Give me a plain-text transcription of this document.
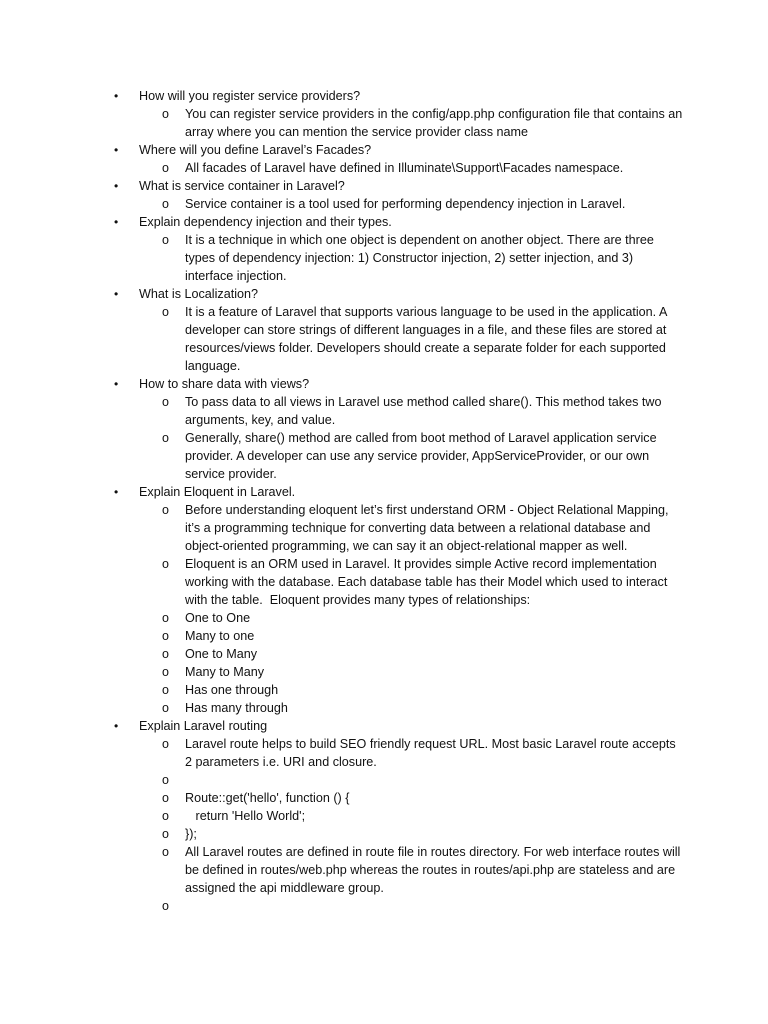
•	How will you register service providers?
o	You can register service providers in the config/app.php configuration file that contains an array where you can mention the service provider class name
•	Where will you define Laravel’s Facades?
o	All facades of Laravel have defined in Illuminate\Support\Facades namespace.
•	What is service container in Laravel?
o	Service container is a tool used for performing dependency injection in Laravel.
•	Explain dependency injection and their types.
o	It is a technique in which one object is dependent on another object. There are three types of dependency injection: 1) Constructor injection, 2) setter injection, and 3) interface injection.
•	What is Localization?
o	It is a feature of Laravel that supports various language to be used in the application. A developer can store strings of different languages in a file, and these files are stored at resources/views folder. Developers should create a separate folder for each supported language.
•	How to share data with views?
o	To pass data to all views in Laravel use method called share(). This method takes two arguments, key, and value.
o	Generally, share() method are called from boot method of Laravel application service provider. A developer can use any service provider, AppServiceProvider, or our own service provider.
•	Explain Eloquent in Laravel.
o	Before understanding eloquent let’s first understand ORM - Object Relational Mapping, it’s a programming technique for converting data between a relational database and object-oriented programming, we can say it an object-relational mapper as well.
o	Eloquent is an ORM used in Laravel. It provides simple Active record implementation working with the database. Each database table has their Model which used to interact with the table.  Eloquent provides many types of relationships:
o	One to One
o	Many to one
o	One to Many
o	Many to Many
o	Has one through
o	Has many through
•	Explain Laravel routing
o	Laravel route helps to build SEO friendly request URL. Most basic Laravel route accepts 2 parameters i.e. URI and closure.
o
o	Route::get('hello', function () {
o	return 'Hello World';
o	});
o	All Laravel routes are defined in route file in routes directory. For web interface routes will be defined in routes/web.php whereas the routes in routes/api.php are stateless and are assigned the api middleware group.
o
